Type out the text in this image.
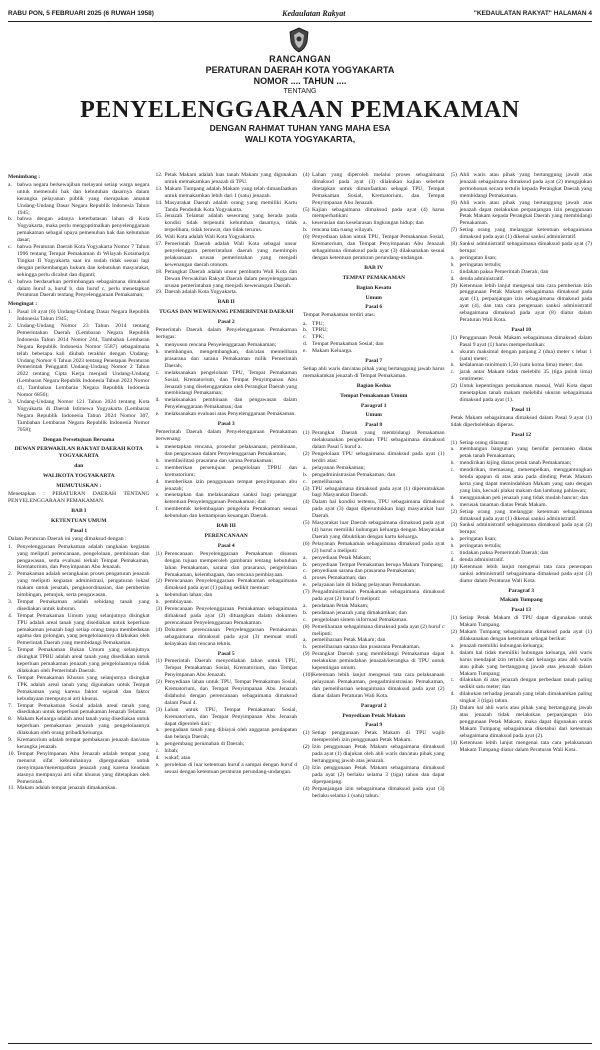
RABU PON, 5 FEBRUARI 2025 (6 RUWAH 1958)	Kedaulatan Rakyat	"KEDAULATAN RAKYAT" HALAMAN 4
RANCANGAN
PERATURAN DAERAH KOTA YOGYAKARTA
NOMOR .... TAHUN ....
TENTANG
PENYELENGGARAAN PEMAKAMAN
DENGAN RAHMAT TUHAN YANG MAHA ESA
WALI KOTA YOGYAKARTA,

Menimbang :

a. bahwa negara berkewajiban melayani setiap warga negara untuk memenuhi hak dan kebutuhan dasarnya dalam kerangka pelayanan publik yang merupakan amanat Undang-Undang Dasar Negara Republik Indonesia Tahun 1945;
b. bahwa dengan adanya keterbatasan lahan di Kota Yogyakarta, maka perlu mengoptimalkan penyelenggaraan pemakaman sebagai upaya pemenuhan hak dan kebutuhan dasar;
c. bahwa Peraturan Daerah Kota Yogyakarta Nomor 7 Tahun 1996 tentang Tempat Pemakaman di Wilayah Kotamadya Tingkat II Yogyakarta saat ini sudah tidak sesuai lagi dengan perkembangan hukum dan kebutuhan masyarakat, sehingga perlu dicabut dan diganti;
d. bahwa berdasarkan pertimbangan sebagaimana dimaksud dalam huruf a, huruf b, dan huruf c, perlu menetapkan Peraturan Daerah tentang Penyelenggaraan Pemakaman;

Mengingat :

1. Pasal 18 ayat (6) Undang-Undang Dasar Negara Republik Indonesia Tahun 1945;
2. Undang-Undang Nomor 23 Tahun 2014 tentang Pemerintahan Daerah (Lembaran Negara Republik Indonesia Tahun 2014 Nomor 244, Tambahan Lembaran Negara Republik Indonesia Nomor 5587) sebagaimana telah beberapa kali diubah terakhir dengan Undang-Undang Nomor 6 Tahun 2023 tentang Penetapan Peraturan Pemerintah Pengganti Undang-Undang Nomor 2 Tahun 2022 tentang Cipta Kerja menjadi Undang-Undang (Lembaran Negara Republik Indonesia Tahun 2023 Nomor 41, Tambahan Lembaran Negara Republik Indonesia Nomor 6856);
3. Undang-Undang Nomor 121 Tahun 2024 tentang Kota Yogyakarta di Daerah Istimewa Yogyakarta (Lembaran Negara Republik Indonesia Tahun 2024 Nomor 307, Tambahan Lembaran Negara Republik Indonesia Nomor 7058);

Dengan Persetujuan Bersama

DEWAN PERWAKILAN RAKYAT DAERAH KOTA YOGYAKARTA

dan

WALIKOTA YOGYAKARTA

MEMUTUSKAN :

Menetapkan : PERATURAN DAERAH TENTANG PENYELENGGARAAN PEMAKAMAN.

BAB I

KETENTUAN UMUM

Pasal 1

Dalam Peraturan Daerah ini yang dimaksud dengan :

1. Penyelenggaraan Pemakaman adalah rangkaian kegiatan yang meliputi perencanaan, pengelolaan, pembinaan dan pengawasan, serta evaluasi terkait Tempat Pemakaman, Krematorium, dan Penyimpanan Abu Jenazah.
2. Pemakaman adalah serangkaian proses pengaturan jenazah yang meliputi kegiatan administrasi, pengaturan lokasi makam untuk jenazah, pengkoordinasian, dan pemberian bimbingan, petunjuk, serta pengawasan.
3. Tempat Pemakaman adalah sebidang tanah yang disediakan untuk kuburan.
4. Tempat Pemakaman Umum yang selanjutnya disingkat TPU adalah areal tanah yang disediakan untuk keperluan pemakaman jenazah bagi setiap orang tanpa membedakan agama dan golongan, yang pengelolaannya dilakukan oleh Pemerintah Daerah yang membidangi Pemakaman.
5. Tempat Pemakaman Bukan Umum yang selanjutnya disingkat TPBU adalah areal tanah yang disediakan untuk keperluan pemakaman jenazah yang pengelolaannya tidak dilakukan oleh Pemerintah Daerah.
6. Tempat Pemakaman Khusus yang selanjutnya disingkat TPK adalah areal tanah yang digunakan untuk Tempat Pemakaman yang karena faktor sejarah dan faktor kebudayaan mempunyai arti khusus.
7. Tempat Pemakaman Sosial adalah areal tanah yang disediakan untuk keperluan pemakaman Jenazah Telantar.
8. Makam Keluarga adalah areal tanah yang disediakan untuk keperluan pemakaman jenazah yang pengelolaannya dilakukan oleh orang pribadi/keluarga.
9. Krematorium adalah tempat pembakaran jenazah dan/atau kerangka jenazah.
10. Tempat Penyimpanan Abu Jenazah adalah tempat yang menurut sifat kebutuhannya dipergunakan untuk menyimpan/menempatkan jenazah yang karena keadaan atasnya mempunyai arti sifat khusus yang ditetapkan oleh Pemerintah.
11. Makam adalah tempat jenazah dimakamkan.
12. Petak Makam adalah luas tanah Makam yang digunakan untuk memakamkan jenazah di TPU.
13. Makam Tumpang adalah Makam yang telah dimanfaatkan untuk memakamkan lebih dari 1 (satu) jenazah.
14. Masyarakat Daerah adalah orang yang memiliki Kartu Tanda Penduduk Kota Yogyakarta.
15. Jenazah Telantar adalah seseorang yang berada pada kondisi tidak terpenuhi kebutuhan dasarnya, tidak terpelihara, tidak terawat, dan tidak terurus.
16. Wali Kota adalah Wali Kota Yogyakarta.
17. Pemerintah Daerah adalah Wali Kota sebagai unsur penyelenggara pemerintahan daerah yang memimpin pelaksanaan urusan pemerintahan yang menjadi kewenangan daerah otonom.
18. Perangkat Daerah adalah unsur pembantu Wali Kota dan Dewan Perwakilan Rakyat Daerah dalam penyelenggaraan urusan pemerintahan yang menjadi kewenangan Daerah.
19. Daerah adalah Kota Yogyakarta.

BAB II

TUGAS DAN WEWENANG PEMERINTAH DAERAH

Pasal 2

Pemerintah Daerah dalam Penyelenggaraan Pemakaman bertugas:

a. menyusun rencana Penyelenggaraan Pemakaman;
b. membangun, mengembangkan, dan/atau memelihara prasarana dan sarana Pemakaman milik Pemerintah Daerah;
c. melaksanakan pengelolaan TPU, Tempat Pemakaman Sosial, Krematorium, dan Tempat Penyimpanan Abu Jenazah yang diselenggarakan oleh Perangkat Daerah yang membidangi Pemakaman;
d. melaksanakan pembinaan dan pengawasan dalam Penyelenggaraan Pemakaman; dan
e. melaksanakan evaluasi atas Penyelenggaraan Pemakaman.

Pasal 3

Pemerintah Daerah dalam Penyelenggaraan Pemakaman berwenang:

a. menetapkan rencana, prosedur pelaksanaan, pembinaan, dan pengawasan dalam Penyelenggaraan Pemakaman;
b. memfasilitasi prasarana dan sarana Pemakaman;
c. memberikan persetujuan pengelolaan TPBU dan krematorium;
d. memberikan izin penggunaan tempat penyimpanan abu jenazah;
e. menetapkan dan melaksanakan sanksi bagi pelanggar ketentuan Penyelenggaraan Pemakaman; dan
f.	membentuk kelembagaan pengelola Pemakaman sesuai kebutuhan dan kemampuan keuangan Daerah.

BAB III

PERENCANAAN

Pasal 4

(1) Perencanaan Penyelenggaraan Pemakaman disusun dengan tujuan memperoleh gambaran tentang kebutuhan lahan Pemakaman, sarana dan prasarana, pengelolaan Pemakaman, kelembagaan, dan rencana pembiayaan.
(2) Perencanaan Penyelenggaraan Pemakaman sebagaimana dimaksud pada ayat (1) paling sedikit memuat:
a. kebutuhan lahan; dan
b. pembiayaan.
(3) Perencanaan Penyelenggaraan Pemakaman sebagaimana dimaksud pada ayat (2) dituangkan dalam dokumen perencanaan Penyelenggaraan Pemakaman.
(4) Dokumen perencanaan Penyelenggaraan Pemakaman sebagaimana dimaksud pada ayat (3) memuat studi kelayakan dan rencana teknis.

Pasal 5

(1) Pemerintah Daerah menyediakan lahan untuk TPU, Tempat Pemakaman Sosial, Krematorium, dan Tempat Penyimpanan Abu Jenazah.
(2) Penyediaan lahan untuk TPU, Tempat Pemakaman Sosial, Krematorium, dan Tempat Penyimpanan Abu Jenazah didahului dengan perencanaan sebagaimana dimaksud dalam Pasal 4.
(3) Lahan untuk TPU, Tempat Pemakaman Sosial, Krematorium, dan Tempat Penyimpanan Abu Jenazah dapat diperoleh dari:
a. pengadaan tanah yang dibiayai oleh anggaran pendapatan dan belanja Daerah;
b. pengembang perumahan di Daerah;
c. hibah;
d. wakaf; atau
e. perolehan di luar ketentuan huruf a sampai dengan huruf d sesuai dengan ketentuan peraturan perundang-undangan.
(4) Lahan yang diperoleh melalui proses sebagaimana dimaksud pada ayat (3) dilakukan kajian sebelum ditetapkan untuk dimanfaatkan sebagai TPU, Tempat Pemakaman Sosial, Krematorium, dan Tempat Penyimpanan Abu Jenazah.
(5) Kajian sebagaimana dimaksud pada ayat (4) harus memperhatikan:
a. keserasian dan keselarasan lingkungan hidup; dan
b. rencana tata ruang wilayah.
(6) Penyediaan lahan untuk TPU, Tempat Pemakaman Sosial, Krematorium, dan Tempat Penyimpanan Abu Jenazah sebagaimana dimaksud pada ayat (3) dilaksanakan sesuai dengan ketentuan peraturan perundang-undangan.

BAB IV

TEMPAT PEMAKAMAN

Bagian Kesatu

Umum

Pasal 6

Tempat Pemakaman terdiri atas:

a. TPU;
b. TPBU;
c. TPK;
d. Tempat Pemakaman Sosial; dan
e. Makam Keluarga.

Pasal 7

Setiap ahli waris dan/atau pihak yang bertanggung jawab harus memakamkan jenazah di Tempat Pemakaman.

Bagian Kedua

Tempat Pemakaman Umum

Paragraf 1

Umum

Pasal 8

(1) Perangkat Daerah yang membidangi Pemakaman melaksanakan pengelolaan TPU sebagaimana dimaksud dalam Pasal 5 huruf a.
(2) Pengelolaan TPU sebagaimana dimaksud pada ayat (1) terdiri atas:
a. pelayanan Pemakaman;
b. pengadministrasian Pemakaman; dan
c. pemeliharaan.
(3) TPU sebagaimana dimaksud pada ayat (1) diperuntukkan bagi Masyarakat Daerah.
(4) Dalam hal kondisi tertentu, TPU sebagaimana dimaksud pada ayat (3) dapat diperuntukkan bagi masyarakat luar Daerah.
(5) Masyarakat luar Daerah sebagaimana dimaksud pada ayat (4) harus memiliki hubungan keluarga dengan Masyarakat Daerah yang dibuktikan dengan kartu keluarga.
(6) Pelayanan Pemakaman sebagaimana dimaksud pada ayat (2) huruf a meliputi:
a. penyediaan Petak Makam;
b. penyediaan Tempat Pemakaman berupa Makam Tumpang;
c. penyediaan sarana dan prasarana Pemakaman;
d. proses Pemakaman; dan
e. pelayanan lain di bidang pelayanan Pemakaman.
(7) Pengadministrasian Pemakaman sebagaimana dimaksud pada ayat (2) huruf b meliputi:
a. pendataan Petak Makam;
b. pendataan jenazah yang dimakamkan; dan
c. pengelolaan sistem informasi Pemakaman.
(8) Pemeliharaan sebagaimana dimaksud pada ayat (2) huruf c meliputi:
a. pemeliharaan Petak Makam; dan
b. pemeliharaan sarana dan prasarana Pemakaman.
(9) Perangkat Daerah yang membidangi Pemakaman dapat melakukan pemindahan jenazah/kerangka di TPU untuk kepentingan umum.
(10) Ketentuan lebih lanjut mengenai tata cara pelaksanaan pelayanan Pemakaman, pengadministrasian Pemakaman, dan pemeliharaan sebagaimana dimaksud pada ayat (2) diatur dalam Peraturan Wali Kota.

Paragraf 2

Penyediaan Petak Makam

Pasal 9

(1) Setiap penggunaan Petak Makam di TPU wajib memperoleh izin penggunaan Petak Makam.
(2) Izin penggunaan Petak Makam sebagaimana dimaksud pada ayat (1) diajukan oleh ahli waris dan/atau pihak yang bertanggung jawab atas jenazah.
(3) Izin penggunaan Petak Makam sebagaimana dimaksud pada ayat (2) berlaku selama 3 (tiga) tahun dan dapat diperpanjang.
(4) Perpanjangan izin sebagaimana dimaksud pada ayat (3) berlaku selama 1 (satu) tahun.
(5) Ahli waris atau pihak yang bertanggung jawab atas jenazah sebagaimana dimaksud pada ayat (2) mengajukan permohonan secara tertulis kepada Perangkat Daerah yang membidangi Pemakaman.
(6) Ahli waris atau pihak yang bertanggung jawab atas jenazah dapat melakukan perpanjangan izin penggunaan Petak Makam kepada Perangkat Daerah yang membidangi Pemakaman.
(7) Setiap orang yang melanggar ketentuan sebagaimana dimaksud pada ayat (1) dikenai sanksi administratif.
(8) Sanksi administratif sebagaimana dimaksud pada ayat (7) berupa:
a. peringatan lisan;
b. peringatan tertulis;
c. tindakan paksa Pemerintah Daerah; dan
d. denda administratif.
(9) Ketentuan lebih lanjut mengenai tata cara pemberian izin penggunaan Petak Makam sebagaimana dimaksud pada ayat (1), perpanjangan izin sebagaimana dimaksud pada ayat (4), dan tata cara pengenaan sanksi administratif sebagaimana dimaksud pada ayat (8) diatur dalam Peraturan Wali Kota.

Pasal 10

(1) Penggunaan Petak Makam sebagaimana dimaksud dalam Pasal 9 ayat (1) harus memperhatikan:
a. ukuran maksimal dengan panjang 2 (dua) meter x lebar 1 (satu) meter;
b. kedalaman minimum 1,50 (satu koma lima) meter; dan
c. jarak antar Makam tidak melebihi 35 (tiga puluh lima) centimeter.
(2) Untuk kepentingan pemakaman massal, Wali Kota dapat menetapkan tanah makam melebihi ukuran sebagaimana dimaksud pada ayat (1).

Pasal 11

Petak Makam sebagaimana dimaksud dalam Pasal 9 ayat (1) tidak diperbolehkan diperas.

Pasal 12

(1) Setiap orang dilarang:
a. membangun bangunan yang bersifat permanen diatas petak tanah Pemakaman;
b. mendirikan kijing diatas petak tanah Pemakaman;
c. mendirikan, memasang, menempelkan, menggantungkan benda apapun di atas atau pada dinding Petak Makam kerta yang dapat memindahkan Makam yang satu dengan yang lain, kecuali plakat makam dan lambang pahlawan;
d. menggunakan peti jenazah yang tidak mudah hancur; dan
e. merusak tanaman diatas Petak Makam.
(2) Setiap orang yang melanggar ketentuan sebagaimana dimaksud pada ayat (1) dikenai sanksi administratif.
(3) Sanksi administratif sebagaimana dimaksud pada ayat (2) berupa:
a. peringatan lisan;
b. peringatan tertulis;
c. tindakan paksa Pemerintah Daerah; dan
d. denda administratif.
(4) Ketentuan lebih lanjut mengenai tata cara penerapan sanksi administratif sebagaimana dimaksud pada ayat (3) diatur dalam Peraturan Wali Kota.

Paragraf 3

Makam Tumpang

Pasal 13

(1) Setiap Petak Makam di TPU dapat digunakan untuk Makam Tumpang.
(2) Makam Tumpang sebagaimana dimaksud pada ayat (1) dilaksanakan dengan ketentuan sebagai berikut:
a. jenazah memiliki hubungan keluarga;
b. dalam hal tidak memiliki hubungan keluarga, ahli waris harus mendapat izin tertulis dari keluarga atau ahli waris atau pihak yang bertanggung jawab atas jenazah dalam Makam Tumpang;
c. dilakukan di atas jenazah dengan perbedaan tanah paling sedikit satu meter; dan
d. dilakukan terhadap jenazah yang telah dimakamkan paling singkat 3 (tiga) tahun.
(3) Dalam hal ahli waris atau pihak yang bertanggung jawab atas jenazah tidak melakukan perpanjangan izin penggunaan Petak Makam, maka dapat digunakan untuk Makam Tumpang sebagaimana diketahui dari ketentuan sebagaimana dimaksud pada ayat (2).
(4) Ketentuan lebih lanjut mengenai tata cara pelaksanaan Makam Tumpang diatur dalam Peraturan Wali Kota.
